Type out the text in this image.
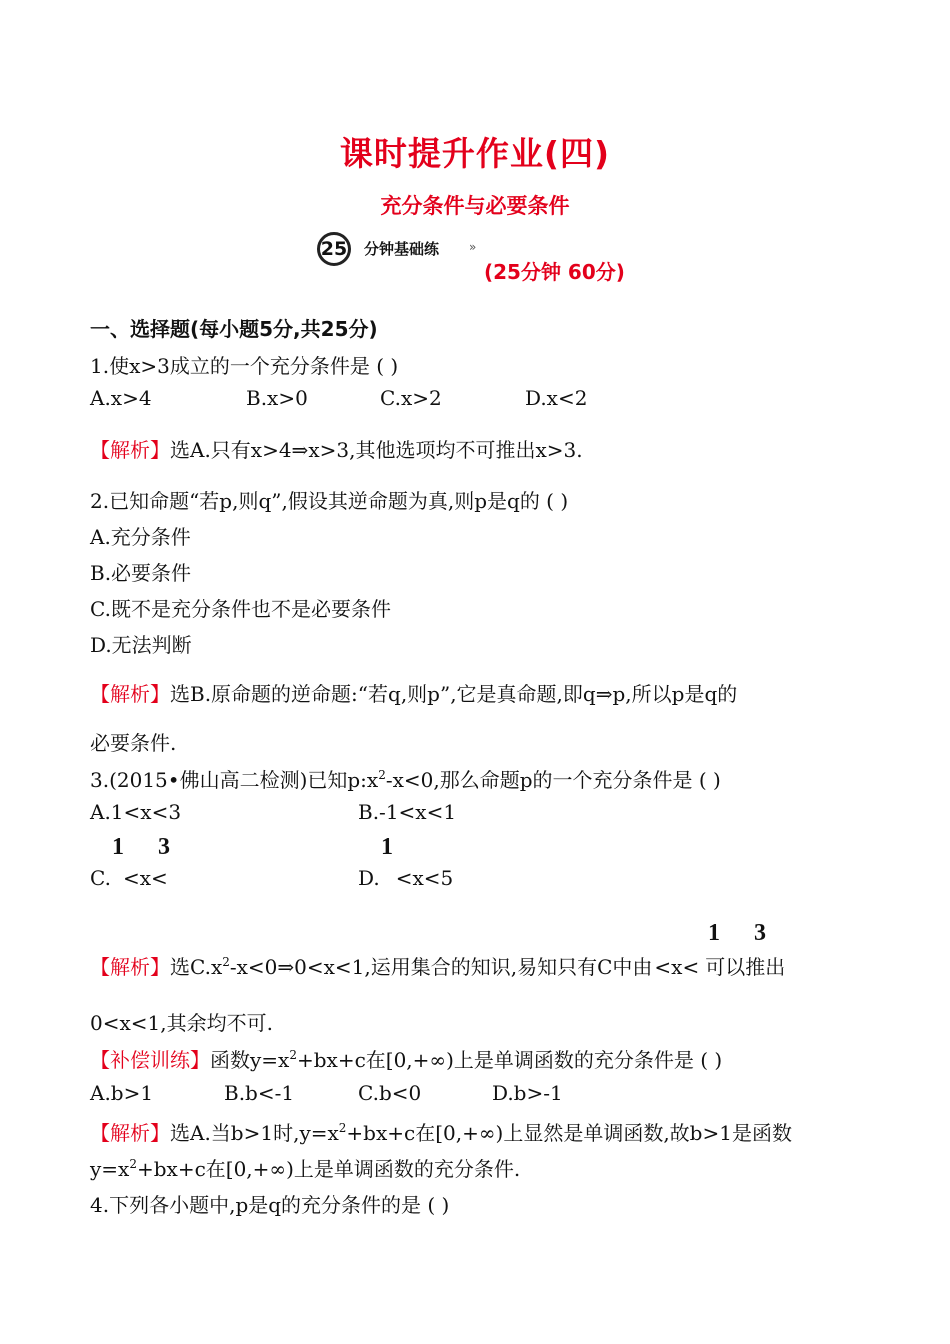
课时提升作业(四)
充分条件与必要条件
25 分钟基础练 »
(25分钟 60分)
一、选择题(每小题5分,共25分)
1.使x>3成立的一个充分条件是 ( )
A.x>4	B.x>0	C.x>2	D.x<2
【解析】选A.只有x>4⇒x>3,其他选项均不可推出x>3.
2.已知命题“若p,则q”,假设其逆命题为真,则p是q的 ( )
A.充分条件
B.必要条件
C.既不是充分条件也不是必要条件
D.无法判断
【解析】选B.原命题的逆命题:“若q,则p”,它是真命题,即q⇒p,所以p是q的
必要条件.
3.(2015•佛山高二检测)已知$p:x^2-x<0$,那么命题p的一个充分条件是 ( )
A.1<x<3	B.-1<x<1
1 3
C. <x<
1
D. <x<5
1 3
【解析】选$C.x^2-x<0\Rightarrow 0<x<1$,运用集合的知识,易知只有C中由 <x< 可以推出
0<x<1,其余均不可.
【补偿训练】函数$y=x^2+bx+c$在[0,+∞)上是单调函数的充分条件是 ( )
A.b>1	B.b<-1	C.b<0	D.b>-1
【解析】选A.当b>1时$,y=x^2+bx+c$在[0,+∞)上显然是单调函数,故b>1是函数
$y=x^2+bx+c$在[0,+∞)上是单调函数的充分条件.
4.下列各小题中,p是q的充分条件的是 ( )
